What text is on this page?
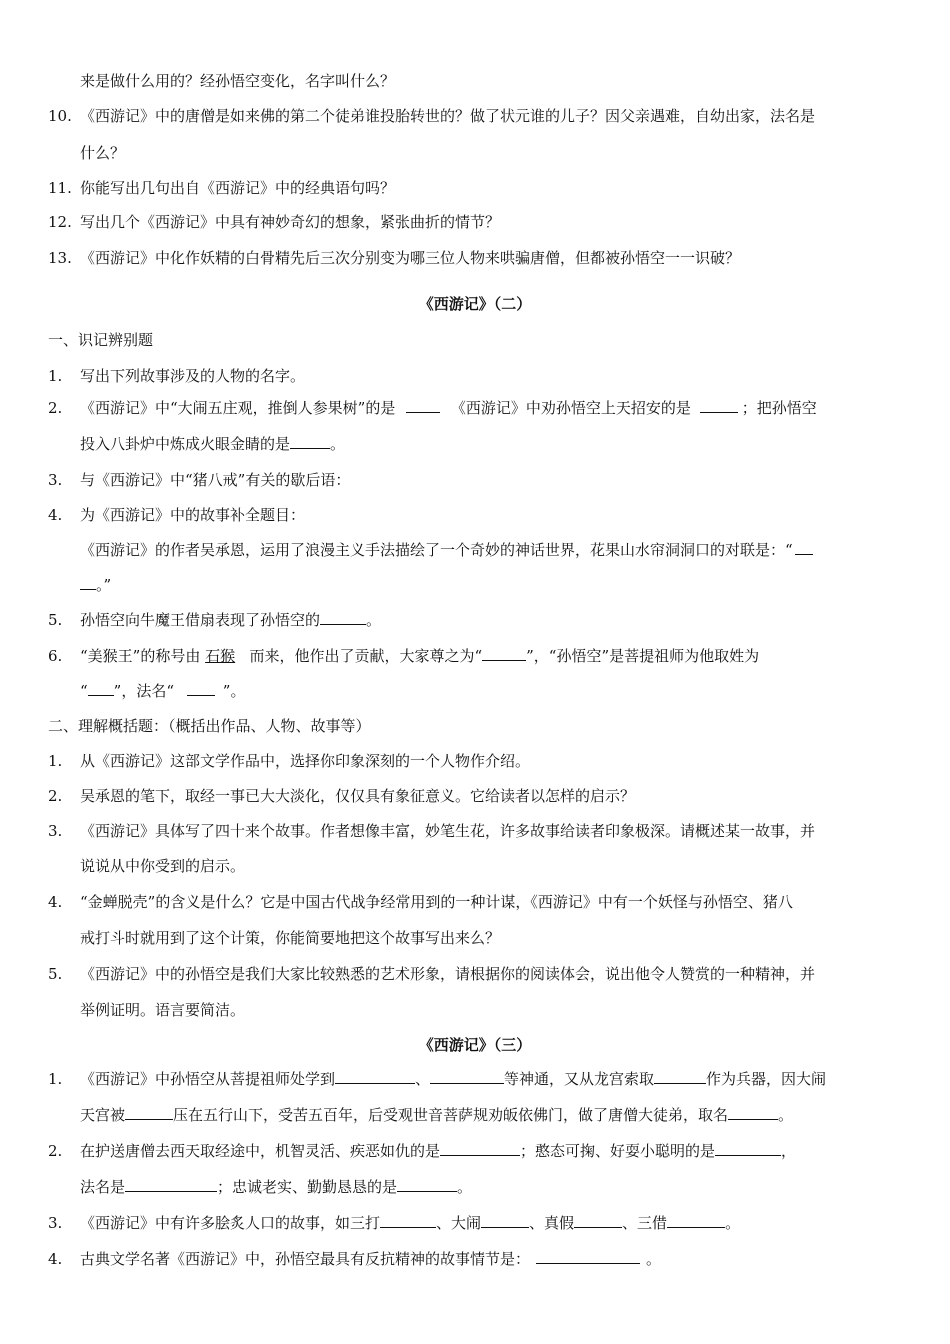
来是做什么用的？经孙悟空变化，名字叫什么？
10. 《西游记》中的唐僧是如来佛的第二个徒弟谁投胎转世的？做了状元谁的儿子？因父亲遇难，自幼出家，法名是
什么？
11. 你能写出几句出自《西游记》中的经典语句吗？
12. 写出几个《西游记》中具有神妙奇幻的想象，紧张曲折的情节？
13. 《西游记》中化作妖精的白骨精先后三次分别变为哪三位人物来哄骗唐僧，但都被孙悟空一一识破？
《西游记》（二）
一、识记辨别题
1.	写出下列故事涉及的人物的名字。
2.	《西游记》中“大闹五庄观，推倒人参果树”的是	《西游记》中劝孙悟空上天招安的是	；把孙悟空
投入八卦炉中炼成火眼金睛的是	。
3.	与《西游记》中“猪八戒”有关的歇后语：
4.	为《西游记》中的故事补全题目：
《西游记》的作者吴承恩，运用了浪漫主义手法描绘了一个奇妙的神话世界，花果山水帘洞洞口的对联是：“
。”
5.	孙悟空向牛魔王借扇表现了孙悟空的	。
6.	“美猴王”的称号由 石猴 而来，他作出了贡献，大家尊之为“	”，“孙悟空”是菩提祖师为他取姓为
“ ”，法名“	”。
二、理解概括题：（概括出作品、人物、故事等）
1.	从《西游记》这部文学作品中，选择你印象深刻的一个人物作介绍。
2.	吴承恩的笔下，取经一事已大大淡化，仅仅具有象征意义。它给读者以怎样的启示？
3.	《西游记》具体写了四十来个故事。作者想像丰富，妙笔生花，许多故事给读者印象极深。请概述某一故事，并
说说从中你受到的启示。
4.	“金蝉脱壳”的含义是什么？它是中国古代战争经常用到的一种计谋，《西游记》中有一个妖怪与孙悟空、猪八
戒打斗时就用到了这个计策，你能简要地把这个故事写出来么？
5.	《西游记》中的孙悟空是我们大家比较熟悉的艺术形象，请根据你的阅读体会，说出他令人赞赏的一种精神，并
举例证明。语言要简洁。
《西游记》（三）
1.	《西游记》中孙悟空从菩提祖师处学到	、	等神通，又从龙宫索取	作为兵器，因大闹
天宫被	压在五行山下，受苦五百年，后受观世音菩萨规劝皈依佛门，做了唐僧大徒弟，取名	。
2.	在护送唐僧去西天取经途中，机智灵活、疾恶如仇的是	；憨态可掬、好耍小聪明的是	，
法名是	；忠诚老实、勤勤恳恳的是	。
3.	《西游记》中有许多脍炙人口的故事，如三打	、大闹	、真假	、三借	。
4.	古典文学名著《西游记》中，孙悟空最具有反抗精神的故事情节是：	。
